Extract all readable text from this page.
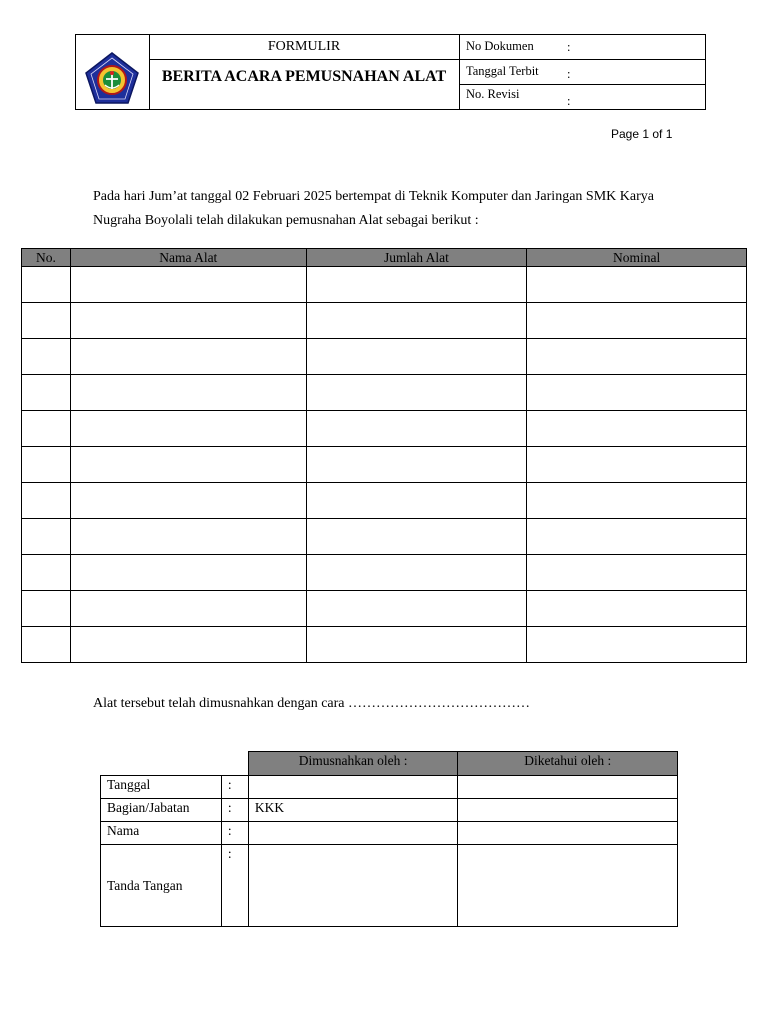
FORMULIR
BERITA ACARA PEMUSNAHAN ALAT
No Dokumen	:
Tanggal Terbit :
No. Revisi	:
Page 1 of 1
Pada hari Jum’at tanggal 02 Februari 2025 bertempat di Teknik Komputer dan Jaringan SMK Karya Nugraha Boyolali telah dilakukan pemusnahan Alat sebagai berikut :
No.	Nama Alat	Jumlah Alat	Nominal

Alat tersebut telah dimusnahkan dengan cara …………………………………
		Dimusnahkan oleh :	Diketahui oleh :
Tanggal	:		
Bagian/Jabatan	:	KKK	
Nama	:		
Tanda Tangan	:		
